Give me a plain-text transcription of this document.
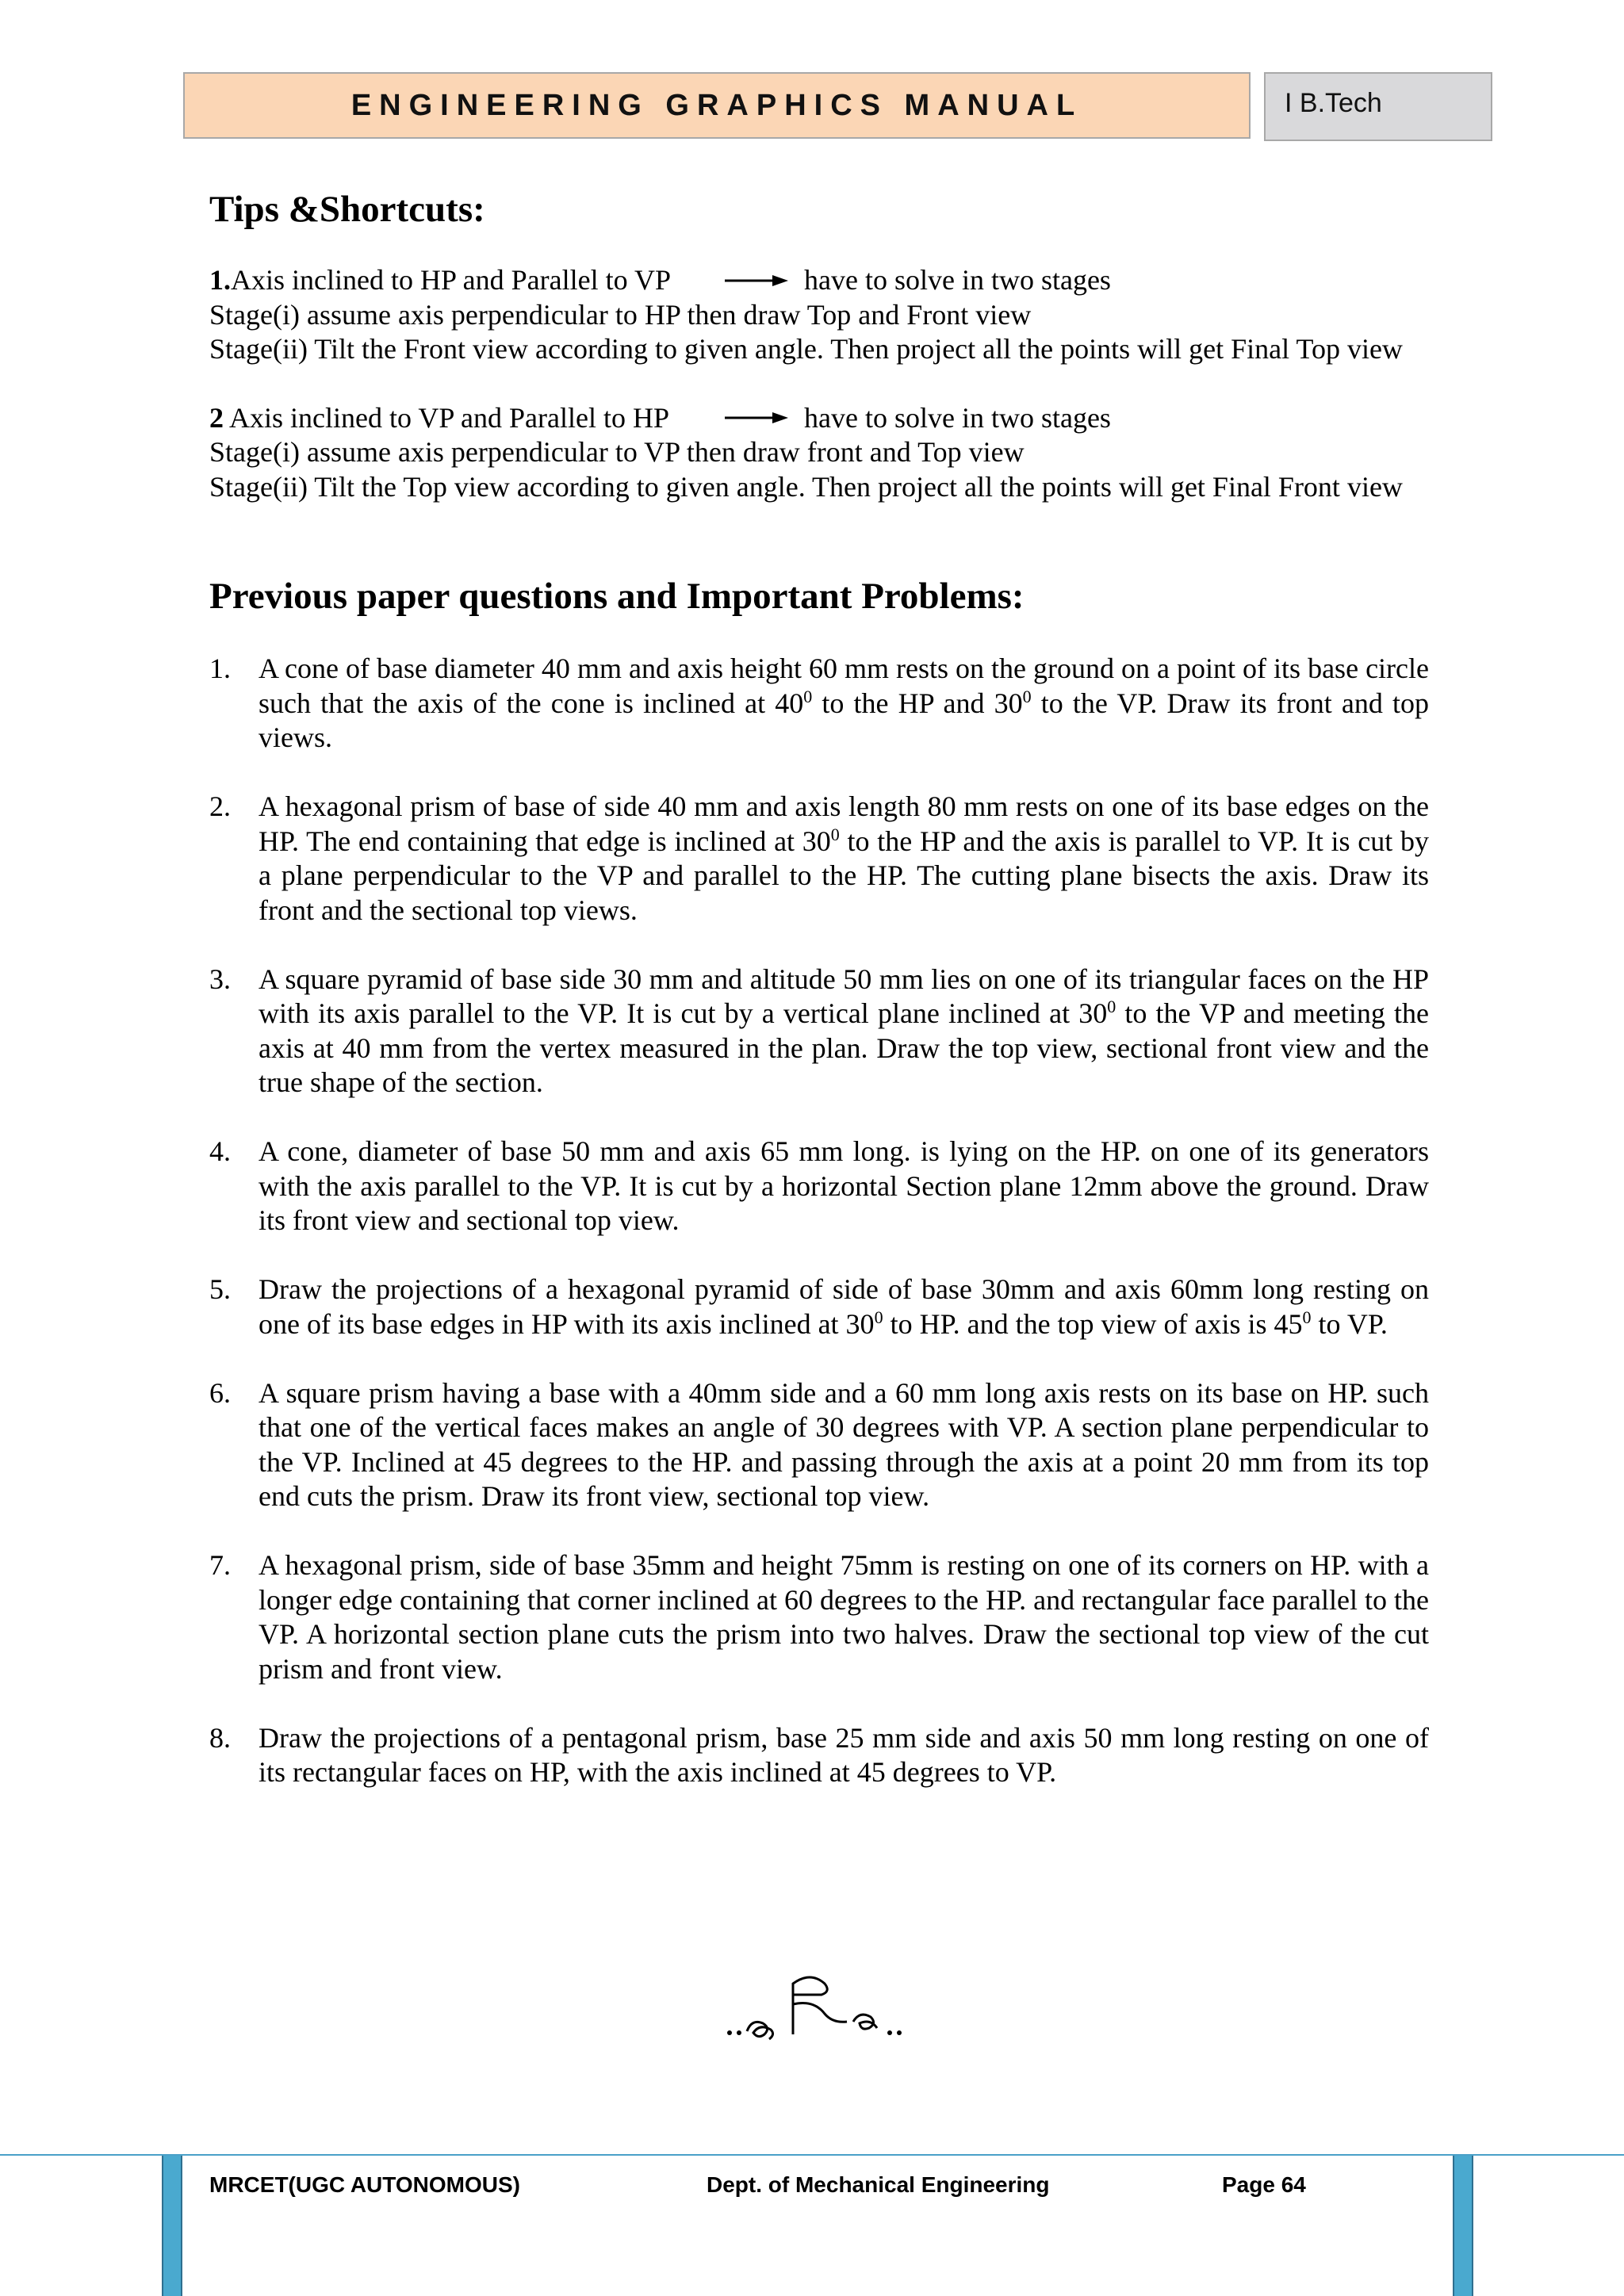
ENGINEERING GRAPHICS MANUAL	I B.Tech
Tips &Shortcuts:
1.Axis inclined to HP and Parallel to VP	have to solve in two stages
Stage(i) assume axis perpendicular to HP then draw Top and Front view
Stage(ii) Tilt the Front view according to given angle. Then project all the points will get Final Top view
2 Axis inclined to VP and Parallel to HP	have to solve in two stages
Stage(i) assume axis perpendicular to VP then draw front and Top view
Stage(ii) Tilt the Top view according to given angle. Then project all the points will get Final Front view
Previous paper questions and Important Problems:
1. A cone of base diameter 40 mm and axis height 60 mm rests on the ground on a point of its base circle such that the axis of the cone is inclined at $40^0$ to the HP and $30^0$ to the VP. Draw its front and top views.
2. A hexagonal prism of base of side 40 mm and axis length 80 mm rests on one of its base edges on the HP. The end containing that edge is inclined at $30^0$ to the HP and the axis is parallel to VP. It is cut by a plane perpendicular to the VP and parallel to the HP. The cutting plane bisects the axis. Draw its front and the sectional top views.
3. A square pyramid of base side 30 mm and altitude 50 mm lies on one of its triangular faces on the HP with its axis parallel to the VP. It is cut by a vertical plane inclined at $30^0$ to the VP and meeting the axis at 40 mm from the vertex measured in the plan. Draw the top view, sectional front view and the true shape of the section.
4. A cone, diameter of base 50 mm and axis 65 mm long. is lying on the HP. on one of its generators with the axis parallel to the VP. It is cut by a horizontal Section plane 12mm above the ground. Draw its front view and sectional top view.
5. Draw the projections of a hexagonal pyramid of side of base 30mm and axis 60mm long resting on one of its base edges in HP with its axis inclined at $30^0$ to HP. and the top view of axis is $45^0$ to VP.
6. A square prism having a base with a 40mm side and a 60 mm long axis rests on its base on HP. such that one of the vertical faces makes an angle of 30 degrees with VP. A section plane perpendicular to the VP. Inclined at 45 degrees to the HP. and passing through the axis at a point 20 mm from its top end cuts the prism. Draw its front view, sectional top view.
7. A hexagonal prism, side of base 35mm and height 75mm is resting on one of its corners on HP. with a longer edge containing that corner inclined at 60 degrees to the HP. and rectangular face parallel to the VP. A horizontal section plane cuts the prism into two halves. Draw the sectional top view of the cut prism and front view.
8. Draw the projections of a pentagonal prism, base 25 mm side and axis 50 mm long resting on one of its rectangular faces on HP, with the axis inclined at 45 degrees to VP.
MRCET(UGC AUTONOMOUS)	Dept. of Mechanical Engineering	Page 64
